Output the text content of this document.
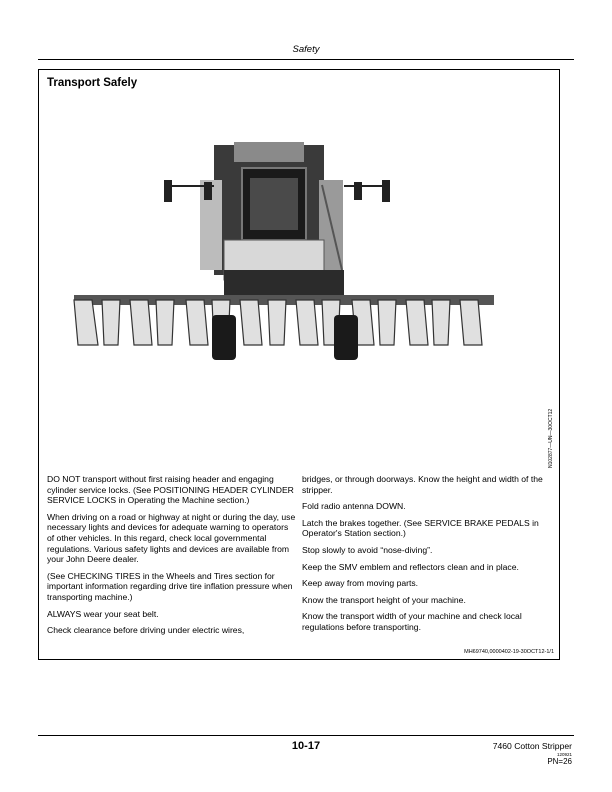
Safety
Transport Safely
N102877—UN—30OCT12

DO NOT transport without first raising header and engaging cylinder service locks. (See POSITIONING HEADER CYLINDER SERVICE LOCKS in Operating the Machine section.)

When driving on a road or highway at night or during the day, use necessary lights and devices for adequate warning to operators of other vehicles. In this regard, check local governmental regulations. Various safety lights and devices are available from your John Deere dealer.

(See CHECKING TIRES in the Wheels and Tires section for important information regarding drive tire inflation pressure when transporting machine.)

ALWAYS wear your seat belt.

Check clearance before driving under electric wires,

bridges, or through doorways. Know the height and width of the stripper.

Fold radio antenna DOWN.

Latch the brakes together. (See SERVICE BRAKE PEDALS in Operator's Station section.)

Stop slowly to avoid “nose-diving”.

Keep the SMV emblem and reflectors clean and in place.

Keep away from moving parts.

Know the transport height of your machine.

Know the transport width of your machine and check local regulations before transporting.

MH69740,0000402-19-30OCT12-1/1
10-17	7460 Cotton Stripper
120921
PN=26
